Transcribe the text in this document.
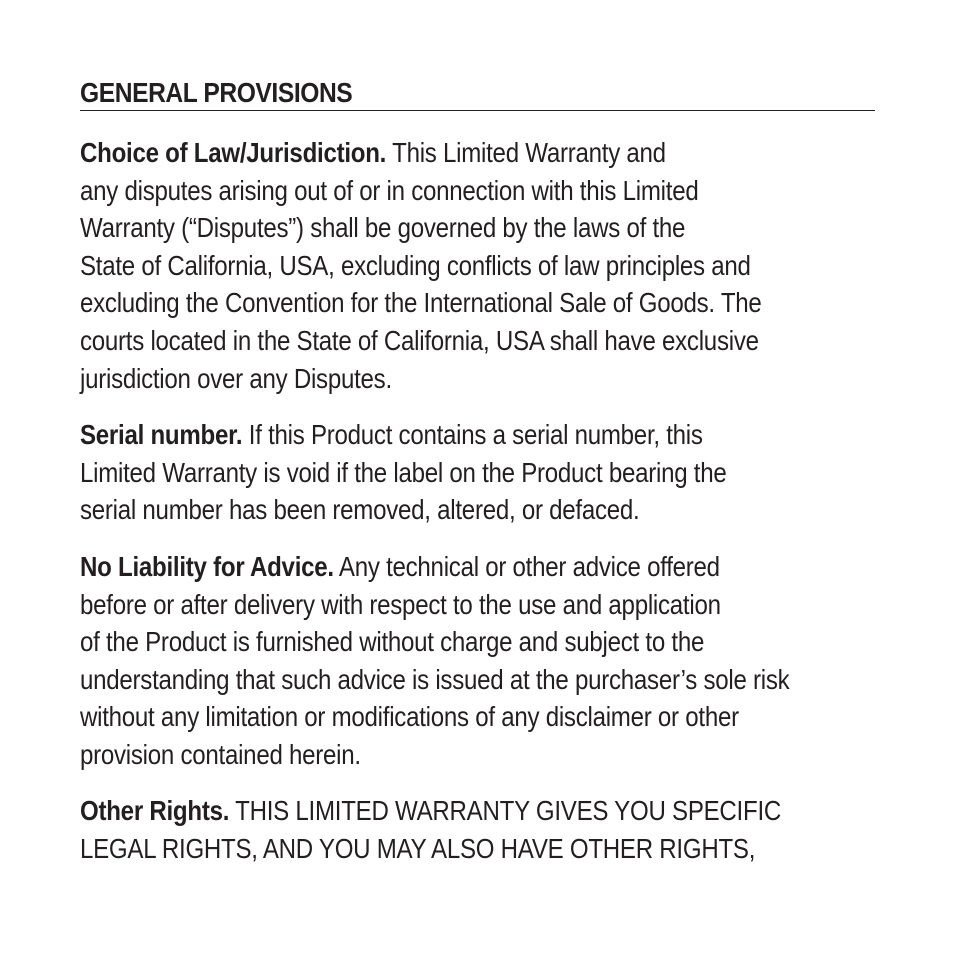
GENERAL PROVISIONS
Choice of Law/Jurisdiction. This Limited Warranty and
any disputes arising out of or in connection with this Limited
Warranty (“Disputes”) shall be governed by the laws of the
State of California, USA, excluding conflicts of law principles and
excluding the Convention for the International Sale of Goods. The
courts located in the State of California, USA shall have exclusive
jurisdiction over any Disputes.
Serial number. If this Product contains a serial number, this
Limited Warranty is void if the label on the Product bearing the
serial number has been removed, altered, or defaced.
No Liability for Advice. Any technical or other advice offered
before or after delivery with respect to the use and application
of the Product is furnished without charge and subject to the
understanding that such advice is issued at the purchaser’s sole risk
without any limitation or modifications of any disclaimer or other
provision contained herein.
Other Rights. THIS LIMITED WARRANTY GIVES YOU SPECIFIC
LEGAL RIGHTS, AND YOU MAY ALSO HAVE OTHER RIGHTS,
